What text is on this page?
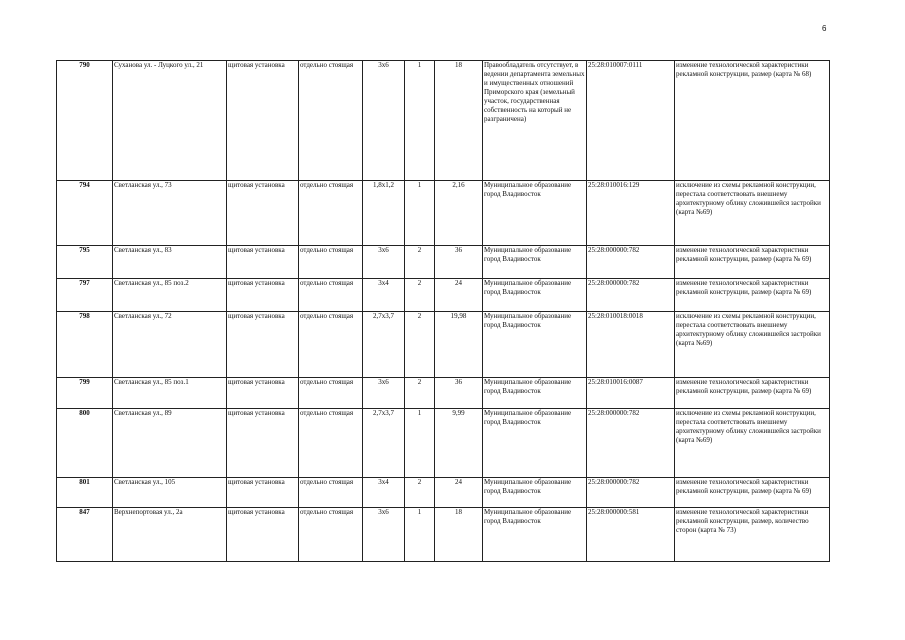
6
790	Суханова ул. - Луцкого ул., 21	щитовая установка	отдельно стоящая	3х6	1	18	Правообладатель отсутствует, в ведении департамента земельных и имущественных отношений Приморского края (земельный участок, государственная собственность на который не разграничена)	25:28:010007:0111	изменение технологической характеристики рекламной конструкции, размер (карта № 68)
794	Светланская ул., 73	щитовая установка	отдельно стоящая	1,8х1,2	1	2,16	Муниципальное образование город Владивосток	25:28:010016:129	исключение из схемы рекламной конструкции, перестала соответствовать внешнему архитектурному облику сложившейся застройки (карта №69)
795	Светланская ул., 83	щитовая установка	отдельно стоящая	3х6	2	36	Муниципальное образование город Владивосток	25:28:000000:782	изменение технологической характеристики рекламной конструкции, размер (карта № 69)
797	Светланская ул., 85 поз.2	щитовая установка	отдельно стоящая	3х4	2	24	Муниципальное образование город Владивосток	25:28:000000:782	изменение технологической характеристики рекламной конструкции, размер (карта № 69)
798	Светланская ул., 72	щитовая установка	отдельно стоящая	2,7х3,7	2	19,98	Муниципальное образование город Владивосток	25:28:010018:0018	исключение из схемы рекламной конструкции, перестала соответствовать внешнему архитектурному облику сложившейся застройки (карта №69)
799	Светланская ул., 85 поз.1	щитовая установка	отдельно стоящая	3х6	2	36	Муниципальное образование город Владивосток	25:28:010016:0087	изменение технологической характеристики рекламной конструкции, размер (карта № 69)
800	Светланская ул., 89	щитовая установка	отдельно стоящая	2,7х3,7	1	9,99	Муниципальное образование город Владивосток	25:28:000000:782	исключение из схемы рекламной конструкции, перестала соответствовать внешнему архитектурному облику сложившейся застройки (карта №69)
801	Светланская ул., 105	щитовая установка	отдельно стоящая	3х4	2	24	Муниципальное образование город Владивосток	25:28:000000:782	изменение технологической характеристики рекламной конструкции, размер (карта № 69)
847	Верхнепортовая ул., 2а	щитовая установка	отдельно стоящая	3х6	1	18	Муниципальное образование город Владивосток	25:28:000000:581	изменение технологической характеристики рекламной конструкции, размер, количество сторон (карта № 73)
